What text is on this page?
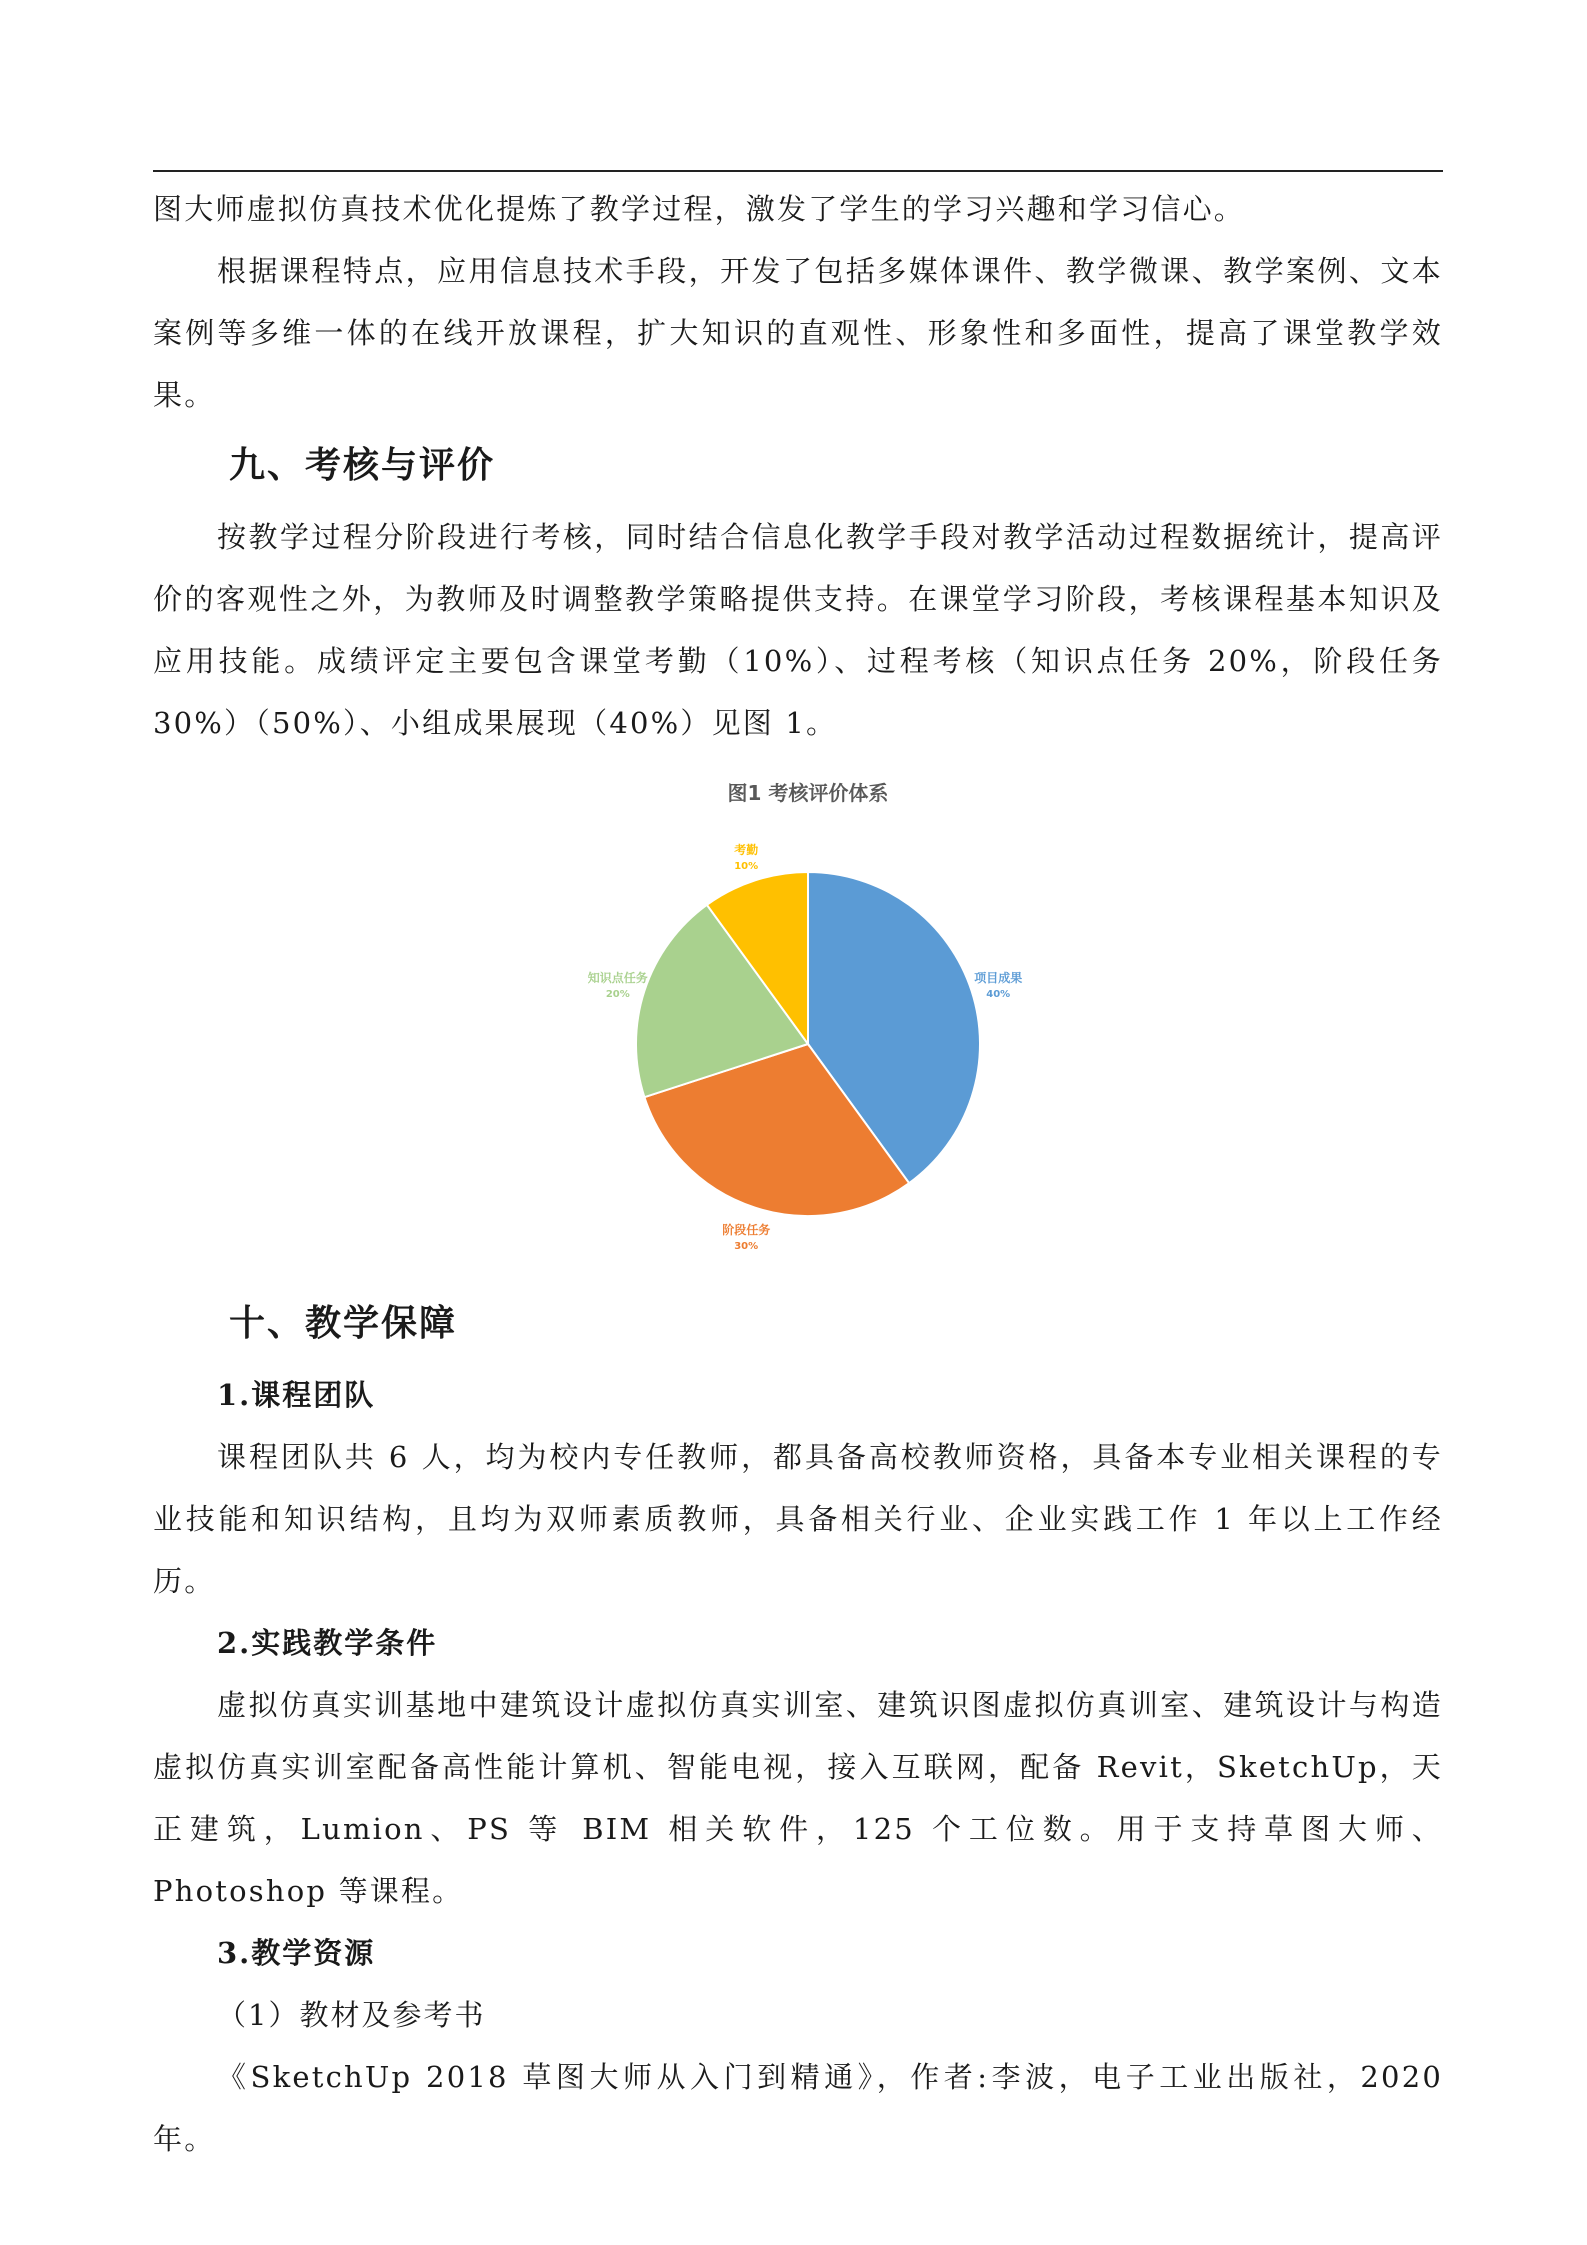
图大师虚拟仿真技术优化提炼了教学过程，激发了学生的学习兴趣和学习信心。

根据课程特点，应用信息技术手段，开发了包括多媒体课件、教学微课、教学案例、文本案例等多维一体的在线开放课程，扩大知识的直观性、形象性和多面性，提高了课堂教学效果。

九、考核与评价

按教学过程分阶段进行考核，同时结合信息化教学手段对教学活动过程数据统计，提高评价的客观性之外，为教师及时调整教学策略提供支持。在课堂学习阶段，考核课程基本知识及应用技能。成绩评定主要包含课堂考勤（10%）、过程考核（知识点任务 20%，阶段任务30%）（50%）、小组成果展现（40%）见图 1。

图1 考核评价体系
项目成果
40%
阶段任务
30%
知识点任务
20%
考勤
10%
十、教学保障
1.课程团队

课程团队共 6 人，均为校内专任教师，都具备高校教师资格，具备本专业相关课程的专业技能和知识结构，且均为双师素质教师，具备相关行业、企业实践工作 1 年以上工作经历。

2.实践教学条件

虚拟仿真实训基地中建筑设计虚拟仿真实训室、建筑识图虚拟仿真训室、建筑设计与构造虚拟仿真实训室配备高性能计算机、智能电视，接入互联网，配备 Revit，SketchUp，天正建筑，Lumion、PS 等 BIM 相关软件，125 个工位数。用于支持草图大师、Photoshop 等课程。

3.教学资源

（1）教材及参考书

《SketchUp 2018 草图大师从入门到精通》，作者:李波，电子工业出版社，2020 年。
